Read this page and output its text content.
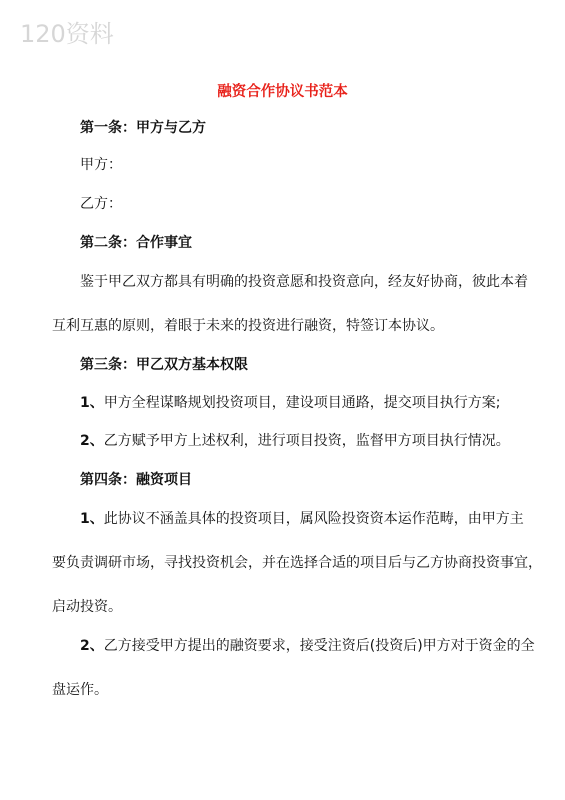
120资料
融资合作协议书范本
第一条：甲方与乙方
甲方：
乙方：
第二条：合作事宜
鉴于甲乙双方都具有明确的投资意愿和投资意向，经友好协商，彼此本着
互利互惠的原则，着眼于未来的投资进行融资，特签订本协议。
第三条：甲乙双方基本权限
1、甲方全程谋略规划投资项目，建设项目通路，提交项目执行方案;
2、乙方赋予甲方上述权利，进行项目投资，监督甲方项目执行情况。
第四条：融资项目
1、此协议不涵盖具体的投资项目，属风险投资资本运作范畴，由甲方主
要负责调研市场，寻找投资机会，并在选择合适的项目后与乙方协商投资事宜，
启动投资。
2、乙方接受甲方提出的融资要求，接受注资后(投资后)甲方对于资金的全
盘运作。
